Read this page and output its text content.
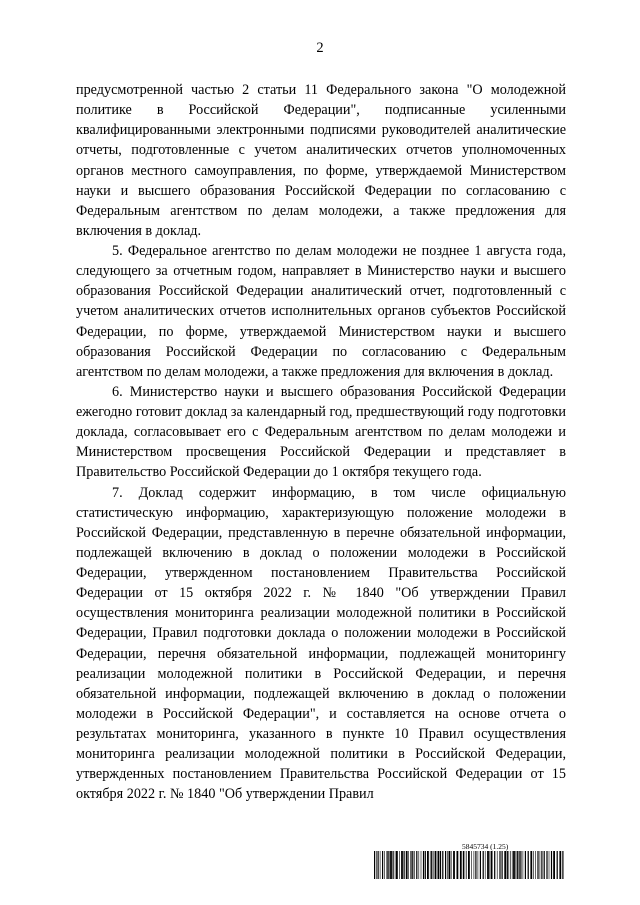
2

предусмотренной частью 2 статьи 11 Федерального закона "О молодежной политике в Российской Федерации", подписанные усиленными квалифицированными электронными подписями руководителей аналитические отчеты, подготовленные с учетом аналитических отчетов уполномоченных органов местного самоуправления, по форме, утверждаемой Министерством науки и высшего образования Российской Федерации по согласованию с Федеральным агентством по делам молодежи, а также предложения для включения в доклад.

5. Федеральное агентство по делам молодежи не позднее 1 августа года, следующего за отчетным годом, направляет в Министерство науки и высшего образования Российской Федерации аналитический отчет, подготовленный с учетом аналитических отчетов исполнительных органов субъектов Российской Федерации, по форме, утверждаемой Министерством науки и высшего образования Российской Федерации по согласованию с Федеральным агентством по делам молодежи, а также предложения для включения в доклад.

6. Министерство науки и высшего образования Российской Федерации ежегодно готовит доклад за календарный год, предшествующий году подготовки доклада, согласовывает его с Федеральным агентством по делам молодежи и Министерством просвещения Российской Федерации и представляет в Правительство Российской Федерации до 1 октября текущего года.

7. Доклад содержит информацию, в том числе официальную статистическую информацию, характеризующую положение молодежи в Российской Федерации, представленную в перечне обязательной информации, подлежащей включению в доклад о положении молодежи в Российской Федерации, утвержденном постановлением Правительства Российской Федерации от 15 октября 2022 г. № 1840 "Об утверждении Правил осуществления мониторинга реализации молодежной политики в Российской Федерации, Правил подготовки доклада о положении молодежи в Российской Федерации, перечня обязательной информации, подлежащей мониторингу реализации молодежной политики в Российской Федерации, и перечня обязательной информации, подлежащей включению в доклад о положении молодежи в Российской Федерации", и составляется на основе отчета о результатах мониторинга, указанного в пункте 10 Правил осуществления мониторинга реализации молодежной политики в Российской Федерации, утвержденных постановлением Правительства Российской Федерации от 15 октября 2022 г. № 1840 "Об утверждении Правил

5845734 (1.25)
